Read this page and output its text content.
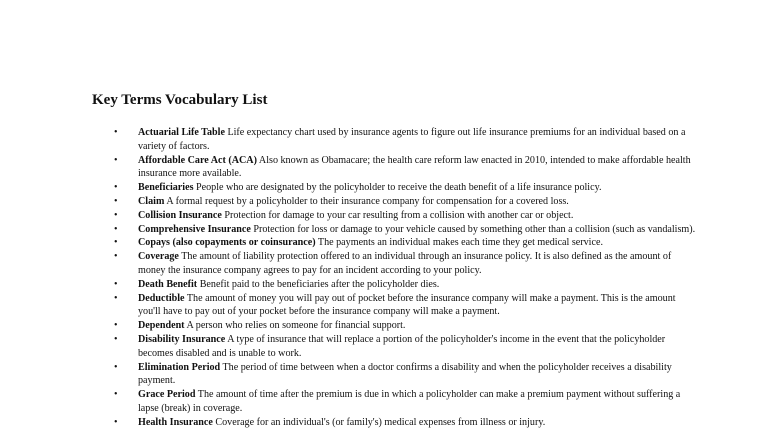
Key Terms Vocabulary List
• Actuarial Life Table Life expectancy chart used by insurance agents to figure out life insurance premiums for an individual based on a variety of factors.
• Affordable Care Act (ACA) Also known as Obamacare; the health care reform law enacted in 2010, intended to make affordable health insurance more available.
• Beneficiaries People who are designated by the policyholder to receive the death benefit of a life insurance policy.
• Claim A formal request by a policyholder to their insurance company for compensation for a covered loss.
• Collision Insurance Protection for damage to your car resulting from a collision with another car or object.
• Comprehensive Insurance Protection for loss or damage to your vehicle caused by something other than a collision (such as vandalism).
• Copays (also copayments or coinsurance) The payments an individual makes each time they get medical service.
• Coverage The amount of liability protection offered to an individual through an insurance policy. It is also defined as the amount of money the insurance company agrees to pay for an incident according to your policy.
• Death Benefit Benefit paid to the beneficiaries after the policyholder dies.
• Deductible The amount of money you will pay out of pocket before the insurance company will make a payment. This is the amount you'll have to pay out of your pocket before the insurance company will make a payment.
• Dependent A person who relies on someone for financial support.
• Disability Insurance A type of insurance that will replace a portion of the policyholder's income in the event that the policyholder becomes disabled and is unable to work.
• Elimination Period The period of time between when a doctor confirms a disability and when the policyholder receives a disability payment.
• Grace Period The amount of time after the premium is due in which a policyholder can make a premium payment without suffering a lapse (break) in coverage.
• Health Insurance Coverage for an individual's (or family's) medical expenses from illness or injury.
